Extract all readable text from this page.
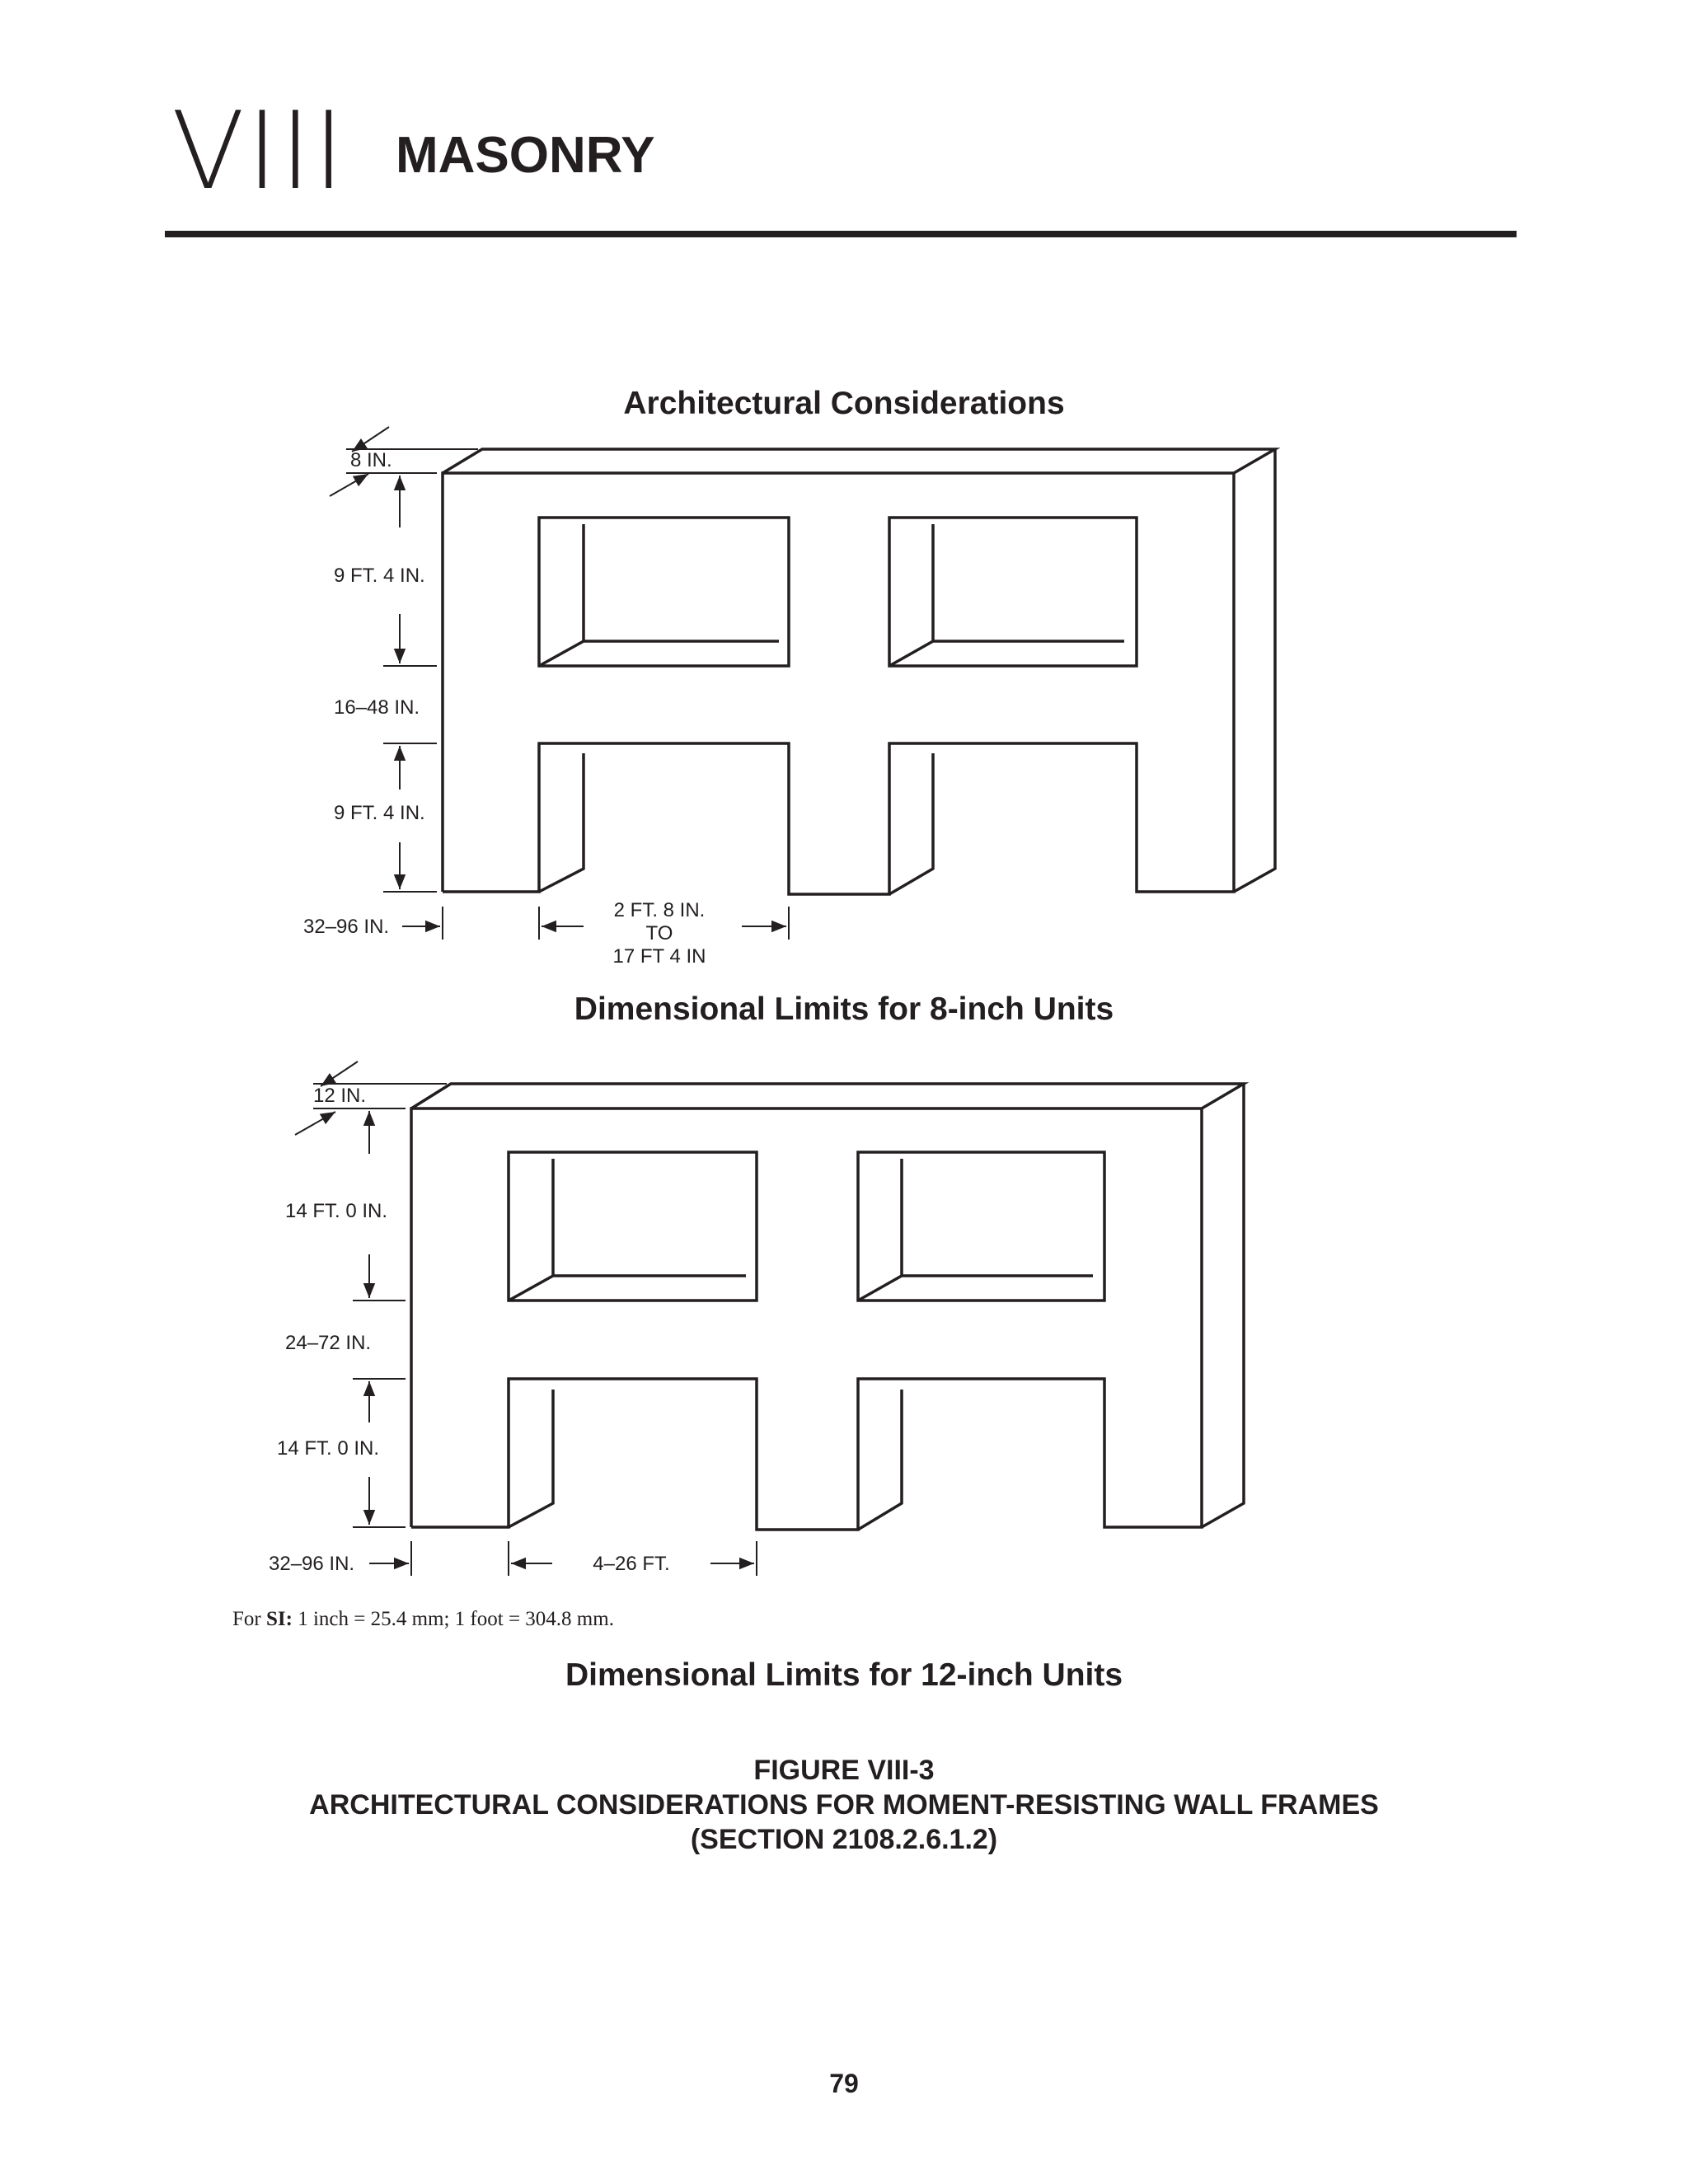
VIII MASONRY
Architectural Considerations
Dimensional Limits for 8-inch Units
Dimensional Limits for 12-inch Units
8 IN.
9 FT. 4 IN.
16–48 IN.
9 FT. 4 IN.
32–96 IN.
2 FT. 8 IN.
TO
17 FT 4 IN
12 IN.
14 FT. 0 IN.
24–72 IN.
14 FT. 0 IN.
32–96 IN.	4–26 FT.
For SI: 1 inch = 25.4 mm; 1 foot = 304.8 mm.
FIGURE VIII-3
ARCHITECTURAL CONSIDERATIONS FOR MOMENT-RESISTING WALL FRAMES
(SECTION 2108.2.6.1.2)
79
